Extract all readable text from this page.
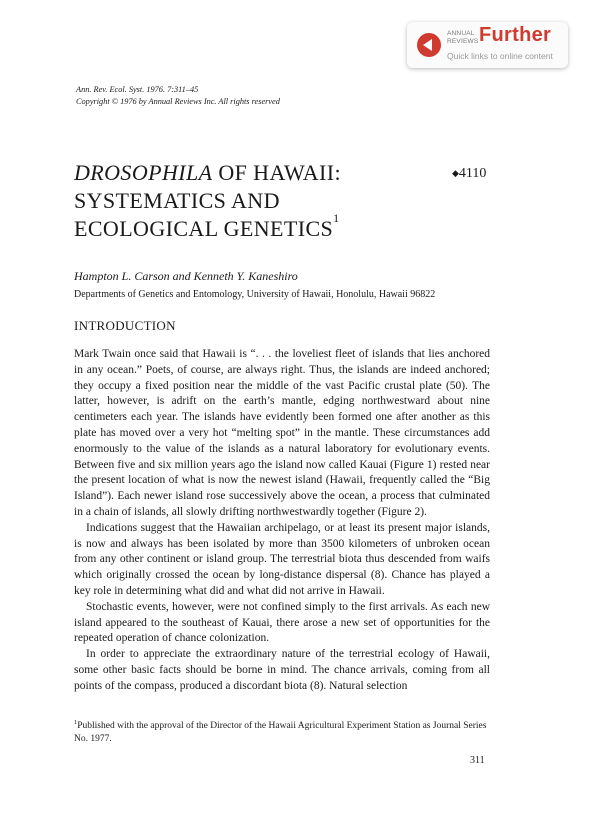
ANNUAL
REVIEWS Further
Quick links to online content
Ann. Rev. Ecol. Syst. 1976. 7:311–45
Copyright © 1976 by Annual Reviews Inc. All rights reserved
DROSOPHILA OF HAWAII:
SYSTEMATICS AND
ECOLOGICAL GENETICS$^1$
◆4110
Hampton L. Carson and Kenneth Y. Kaneshiro
Departments of Genetics and Entomology, University of Hawaii, Honolulu, Hawaii 96822
INTRODUCTION

Mark Twain once said that Hawaii is “. . . the loveliest fleet of islands that lies anchored in any ocean.” Poets, of course, are always right. Thus, the islands are indeed anchored; they occupy a fixed position near the middle of the vast Pacific crustal plate (50). The latter, however, is adrift on the earth’s mantle, edging northwestward about nine centimeters each year. The islands have evidently been formed one after another as this plate has moved over a very hot “melting spot” in the mantle. These circumstances add enormously to the value of the islands as a natural laboratory for evolutionary events. Between five and six million years ago the island now called Kauai (Figure 1) rested near the present location of what is now the newest island (Hawaii, frequently called the “Big Island”). Each newer island rose successively above the ocean, a process that culminated in a chain of islands, all slowly drifting northwestwardly together (Figure 2).

Indications suggest that the Hawaiian archipelago, or at least its present major islands, is now and always has been isolated by more than 3500 kilometers of unbroken ocean from any other continent or island group. The terrestrial biota thus descended from waifs which originally crossed the ocean by long-distance dispersal (8). Chance has played a key role in determining what did and what did not arrive in Hawaii.

Stochastic events, however, were not confined simply to the first arrivals. As each new island appeared to the southeast of Kauai, there arose a new set of opportunities for the repeated operation of chance colonization.

In order to appreciate the extraordinary nature of the terrestrial ecology of Hawaii, some other basic facts should be borne in mind. The chance arrivals, coming from all points of the compass, produced a discordant biota (8). Natural selection

$^1$Published with the approval of the Director of the Hawaii Agricultural Experiment Station as Journal Series No. 1977.
311
